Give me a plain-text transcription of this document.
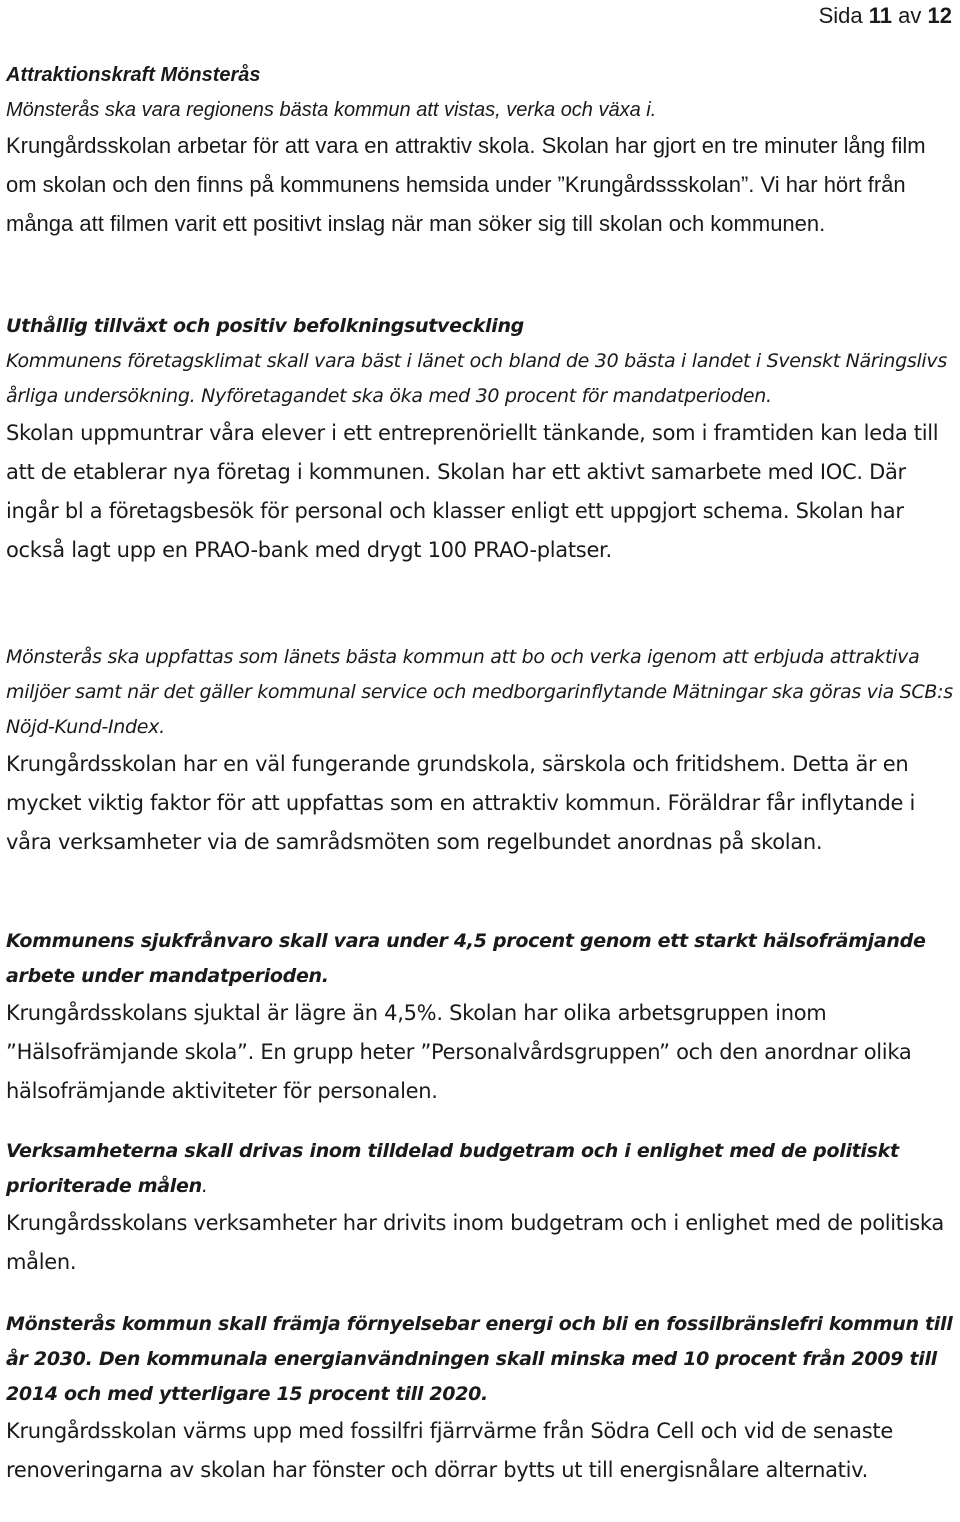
Sida 11 av 12

Attraktionskraft Mönsterås

Mönsterås ska vara regionens bästa kommun att vistas, verka och växa i.

Krungårdsskolan arbetar för att vara en attraktiv skola. Skolan har gjort en tre minuter lång film om skolan och den finns på kommunens hemsida under ”Krungårdssskolan”. Vi har hört från många att filmen varit ett positivt inslag när man söker sig till skolan och kommunen.

Uthållig tillväxt och positiv befolkningsutveckling

Kommunens företagsklimat skall vara bäst i länet och bland de 30 bästa i landet i Svenskt Näringslivs årliga undersökning. Nyföretagandet ska öka med 30 procent för mandatperioden.

Skolan uppmuntrar våra elever i ett entreprenöriellt tänkande, som i framtiden kan leda till att de etablerar nya företag i kommunen. Skolan har ett aktivt samarbete med IOC. Där ingår bl a företagsbesök för personal och klasser enligt ett uppgjort schema. Skolan har också lagt upp en PRAO-bank med drygt 100 PRAO-platser.

Mönsterås ska uppfattas som länets bästa kommun att bo och verka igenom att erbjuda attraktiva miljöer samt när det gäller kommunal service och medborgarinflytande Mätningar ska göras via SCB:s Nöjd-Kund-Index.

Krungårdsskolan har en väl fungerande grundskola, särskola och fritidshem. Detta är en mycket viktig faktor för att uppfattas som en attraktiv kommun. Föräldrar får inflytande i våra verksamheter via de samrådsmöten som regelbundet anordnas på skolan.

Kommunens sjukfrånvaro skall vara under 4,5 procent genom ett starkt hälsofrämjande arbete under mandatperioden.

Krungårdsskolans sjuktal är lägre än 4,5%. Skolan har olika arbetsgruppen inom ”Hälsofrämjande skola”. En grupp heter ”Personalvårdsgruppen” och den anordnar olika hälsofrämjande aktiviteter för personalen.

Verksamheterna skall drivas inom tilldelad budgetram och i enlighet med de politiskt prioriterade målen.

Krungårdsskolans verksamheter har drivits inom budgetram och i enlighet med de politiska målen.

Mönsterås kommun skall främja förnyelsebar energi och bli en fossilbränslefri kommun till år 2030. Den kommunala energianvändningen skall minska med 10 procent från 2009 till 2014 och med ytterligare 15 procent till 2020.

Krungårdsskolan värms upp med fossilfri fjärrvärme från Södra Cell och vid de senaste renoveringarna av skolan har fönster och dörrar bytts ut till energisnålare alternativ.
